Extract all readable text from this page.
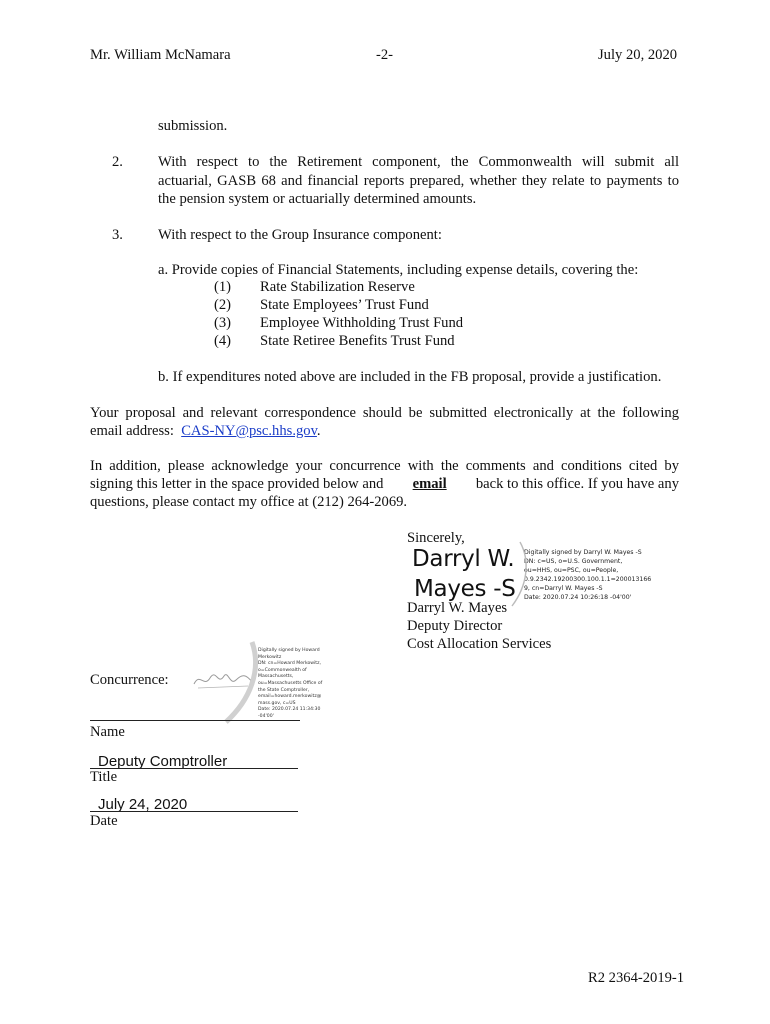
Mr. William McNamara	-2-	July 20, 2020
submission.
2.	With respect to the Retirement component, the Commonwealth will submit all
actuarial, GASB 68 and financial reports prepared, whether they relate to payments to
the pension system or actuarially determined amounts.
3.	With respect to the Group Insurance component:
a. Provide copies of Financial Statements, including expense details, covering the:
(1) Rate Stabilization Reserve
(2) State Employees’ Trust Fund
(3) Employee Withholding Trust Fund
(4) State Retiree Benefits Trust Fund
b. If expenditures noted above are included in the FB proposal, provide a justification.
Your proposal and relevant correspondence should be submitted electronically at the following
email address: CAS-NY@psc.hhs.gov.
In addition, please acknowledge your concurrence with the comments and conditions cited by
signing this letter in the space provided below and email back to this office. If you have any
questions, please contact my office at (212) 264-2069.
Sincerely,
Darryl W.
Mayes -S
Digitally signed by Darryl W. Mayes -S
DN: c=US, o=U.S. Government,
ou=HHS, ou=PSC, ou=People,
0.9.2342.19200300.100.1.1=200013166
9, cn=Darryl W. Mayes -S
Date: 2020.07.24 10:26:18 -04'00'
Darryl W. Mayes
Deputy Director
Cost Allocation Services
Concurrence:
Digitally signed by Howard
Merkowitz
DN: cn=Howard Merkowitz,
o=Commonwealth of
Massachusetts,
ou=Massachusetts Office of
the State Comptroller,
email=howard.merkowitz@
mass.gov, c=US
Date: 2020.07.24 11:34:30
-04'00'
Name
Deputy Comptroller
Title
July 24, 2020
Date
R2 2364-2019-1
